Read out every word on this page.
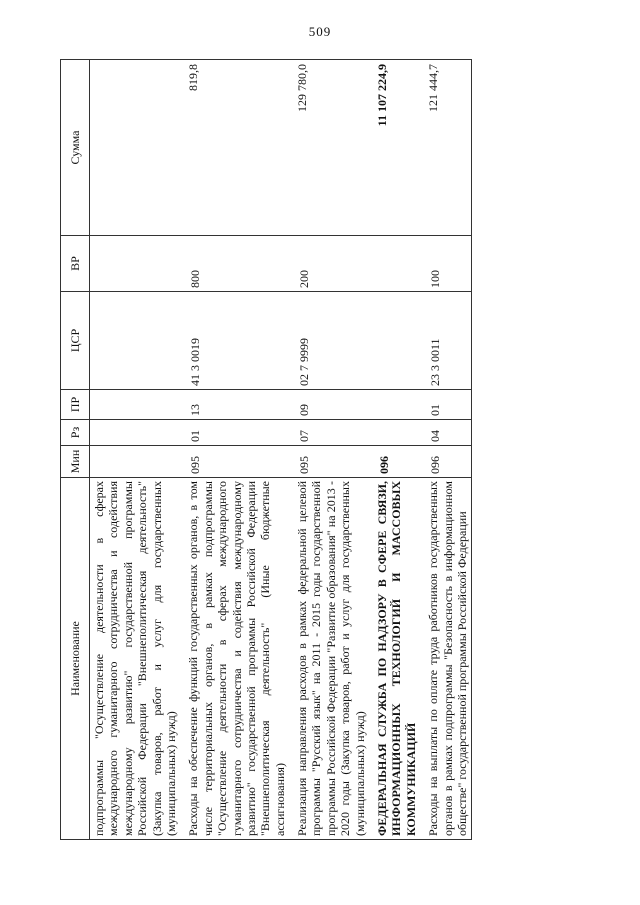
509
Наименование	Мин	Рз	ПР	ЦСР	ВР	Сумма
подпрограммы "Осуществление деятельности в сферах международного гуманитарного сотрудничества и содействия международному развитию" государственной программы Российской Федерации "Внешнеполитическая деятельность" (Закупка товаров, работ и услуг для государственных (муниципальных) нужд)						

Расходы на обеспечение функций государственных органов, в том числе территориальных органов, в рамках подпрограммы "Осуществление деятельности в сферах международного гуманитарного сотрудничества и содействия международному развитию" государственной программы Российской Федерации "Внешнеполитическая деятельность" (Иные бюджетные ассигнования)	095	01	13	41 3 0019	800	819,8

Реализация направления расходов в рамках федеральной целевой программы "Русский язык" на 2011 - 2015 годы государственной программы Российской Федерации "Развитие образования" на 2013 - 2020 годы (Закупка товаров, работ и услуг для государственных (муниципальных) нужд)	095	07	09	02 7 9999	200	129 780,0

ФЕДЕРАЛЬНАЯ СЛУЖБА ПО НАДЗОРУ В СФЕРЕ СВЯЗИ, ИНФОРМАЦИОННЫХ ТЕХНОЛОГИЙ И МАССОВЫХ КОММУНИКАЦИЙ	096					11 107 224,9

Расходы на выплаты по оплате труда работников государственных органов в рамках подпрограммы "Безопасность в информационном обществе" государственной программы Российской Федерации	096	04	01	23 3 0011	100	121 444,7
